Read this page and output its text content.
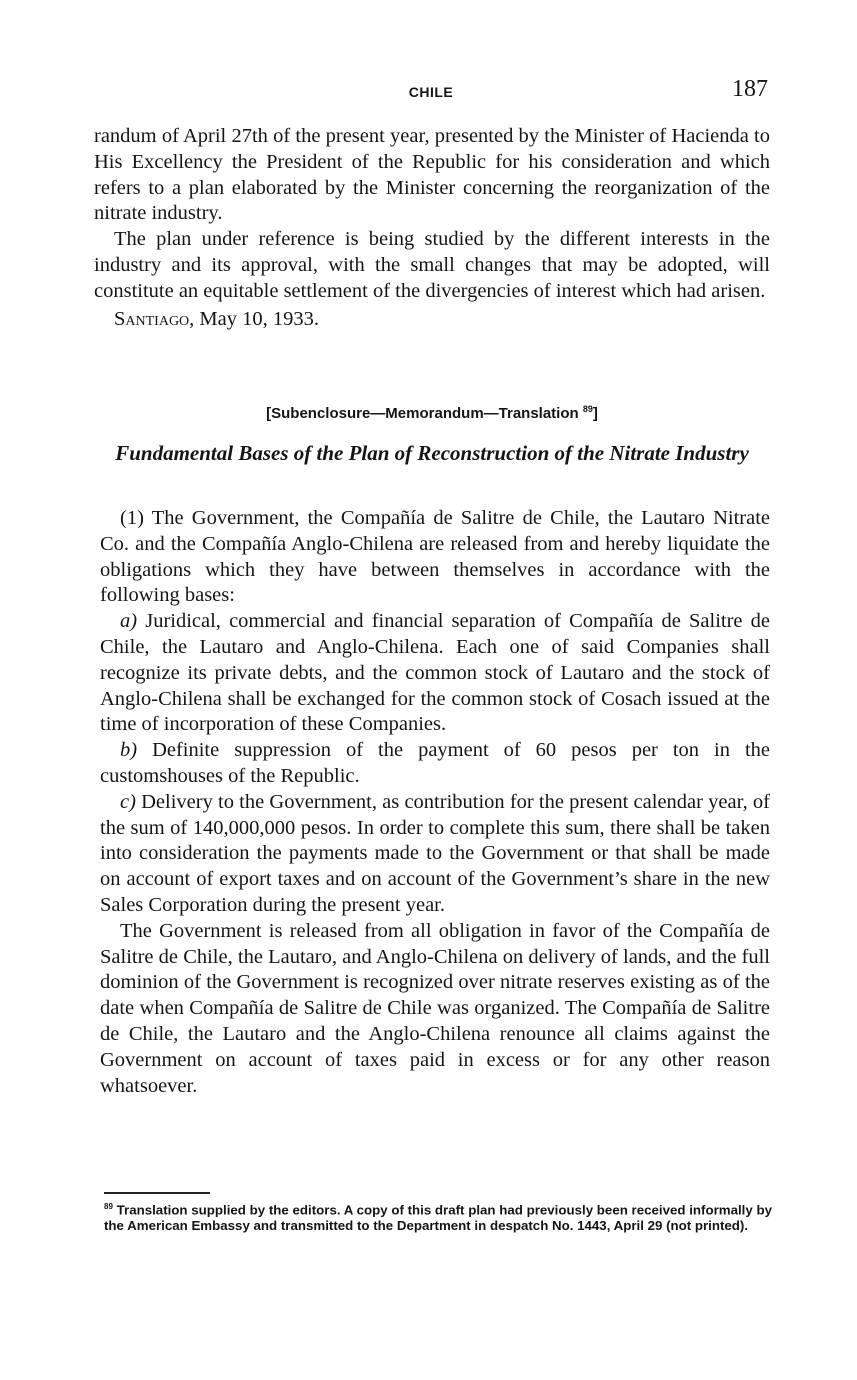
CHILE	187

randum of April 27th of the present year, presented by the Minister of Hacienda to His Excellency the President of the Republic for his consideration and which refers to a plan elaborated by the Minister concerning the reorganization of the nitrate industry.

The plan under reference is being studied by the different interests in the industry and its approval, with the small changes that may be adopted, will constitute an equitable settlement of the divergencies of interest which had arisen.

Santiago, May 10, 1933.

[Subenclosure—Memorandum—Translation $^{89}$]
Fundamental Bases of the Plan of Reconstruction of the Nitrate Industry

(1) The Government, the Compañía de Salitre de Chile, the Lautaro Nitrate Co. and the Compañía Anglo-Chilena are released from and hereby liquidate the obligations which they have between themselves in accordance with the following bases:

a) Juridical, commercial and financial separation of Compañía de Salitre de Chile, the Lautaro and Anglo-Chilena. Each one of said Companies shall recognize its private debts, and the common stock of Lautaro and the stock of Anglo-Chilena shall be exchanged for the common stock of Cosach issued at the time of incorporation of these Companies.

b) Definite suppression of the payment of 60 pesos per ton in the customshouses of the Republic.

c) Delivery to the Government, as contribution for the present calendar year, of the sum of 140,000,000 pesos. In order to complete this sum, there shall be taken into consideration the payments made to the Government or that shall be made on account of export taxes and on account of the Government’s share in the new Sales Corporation during the present year.

The Government is released from all obligation in favor of the Compañía de Salitre de Chile, the Lautaro, and Anglo-Chilena on delivery of lands, and the full dominion of the Government is recognized over nitrate reserves existing as of the date when Compañía de Salitre de Chile was organized. The Compañía de Salitre de Chile, the Lautaro and the Anglo-Chilena renounce all claims against the Government on account of taxes paid in excess or for any other reason whatsoever.

$^{89}$ Translation supplied by the editors. A copy of this draft plan had previously been received informally by the American Embassy and transmitted to the Department in despatch No. 1443, April 29 (not printed).
